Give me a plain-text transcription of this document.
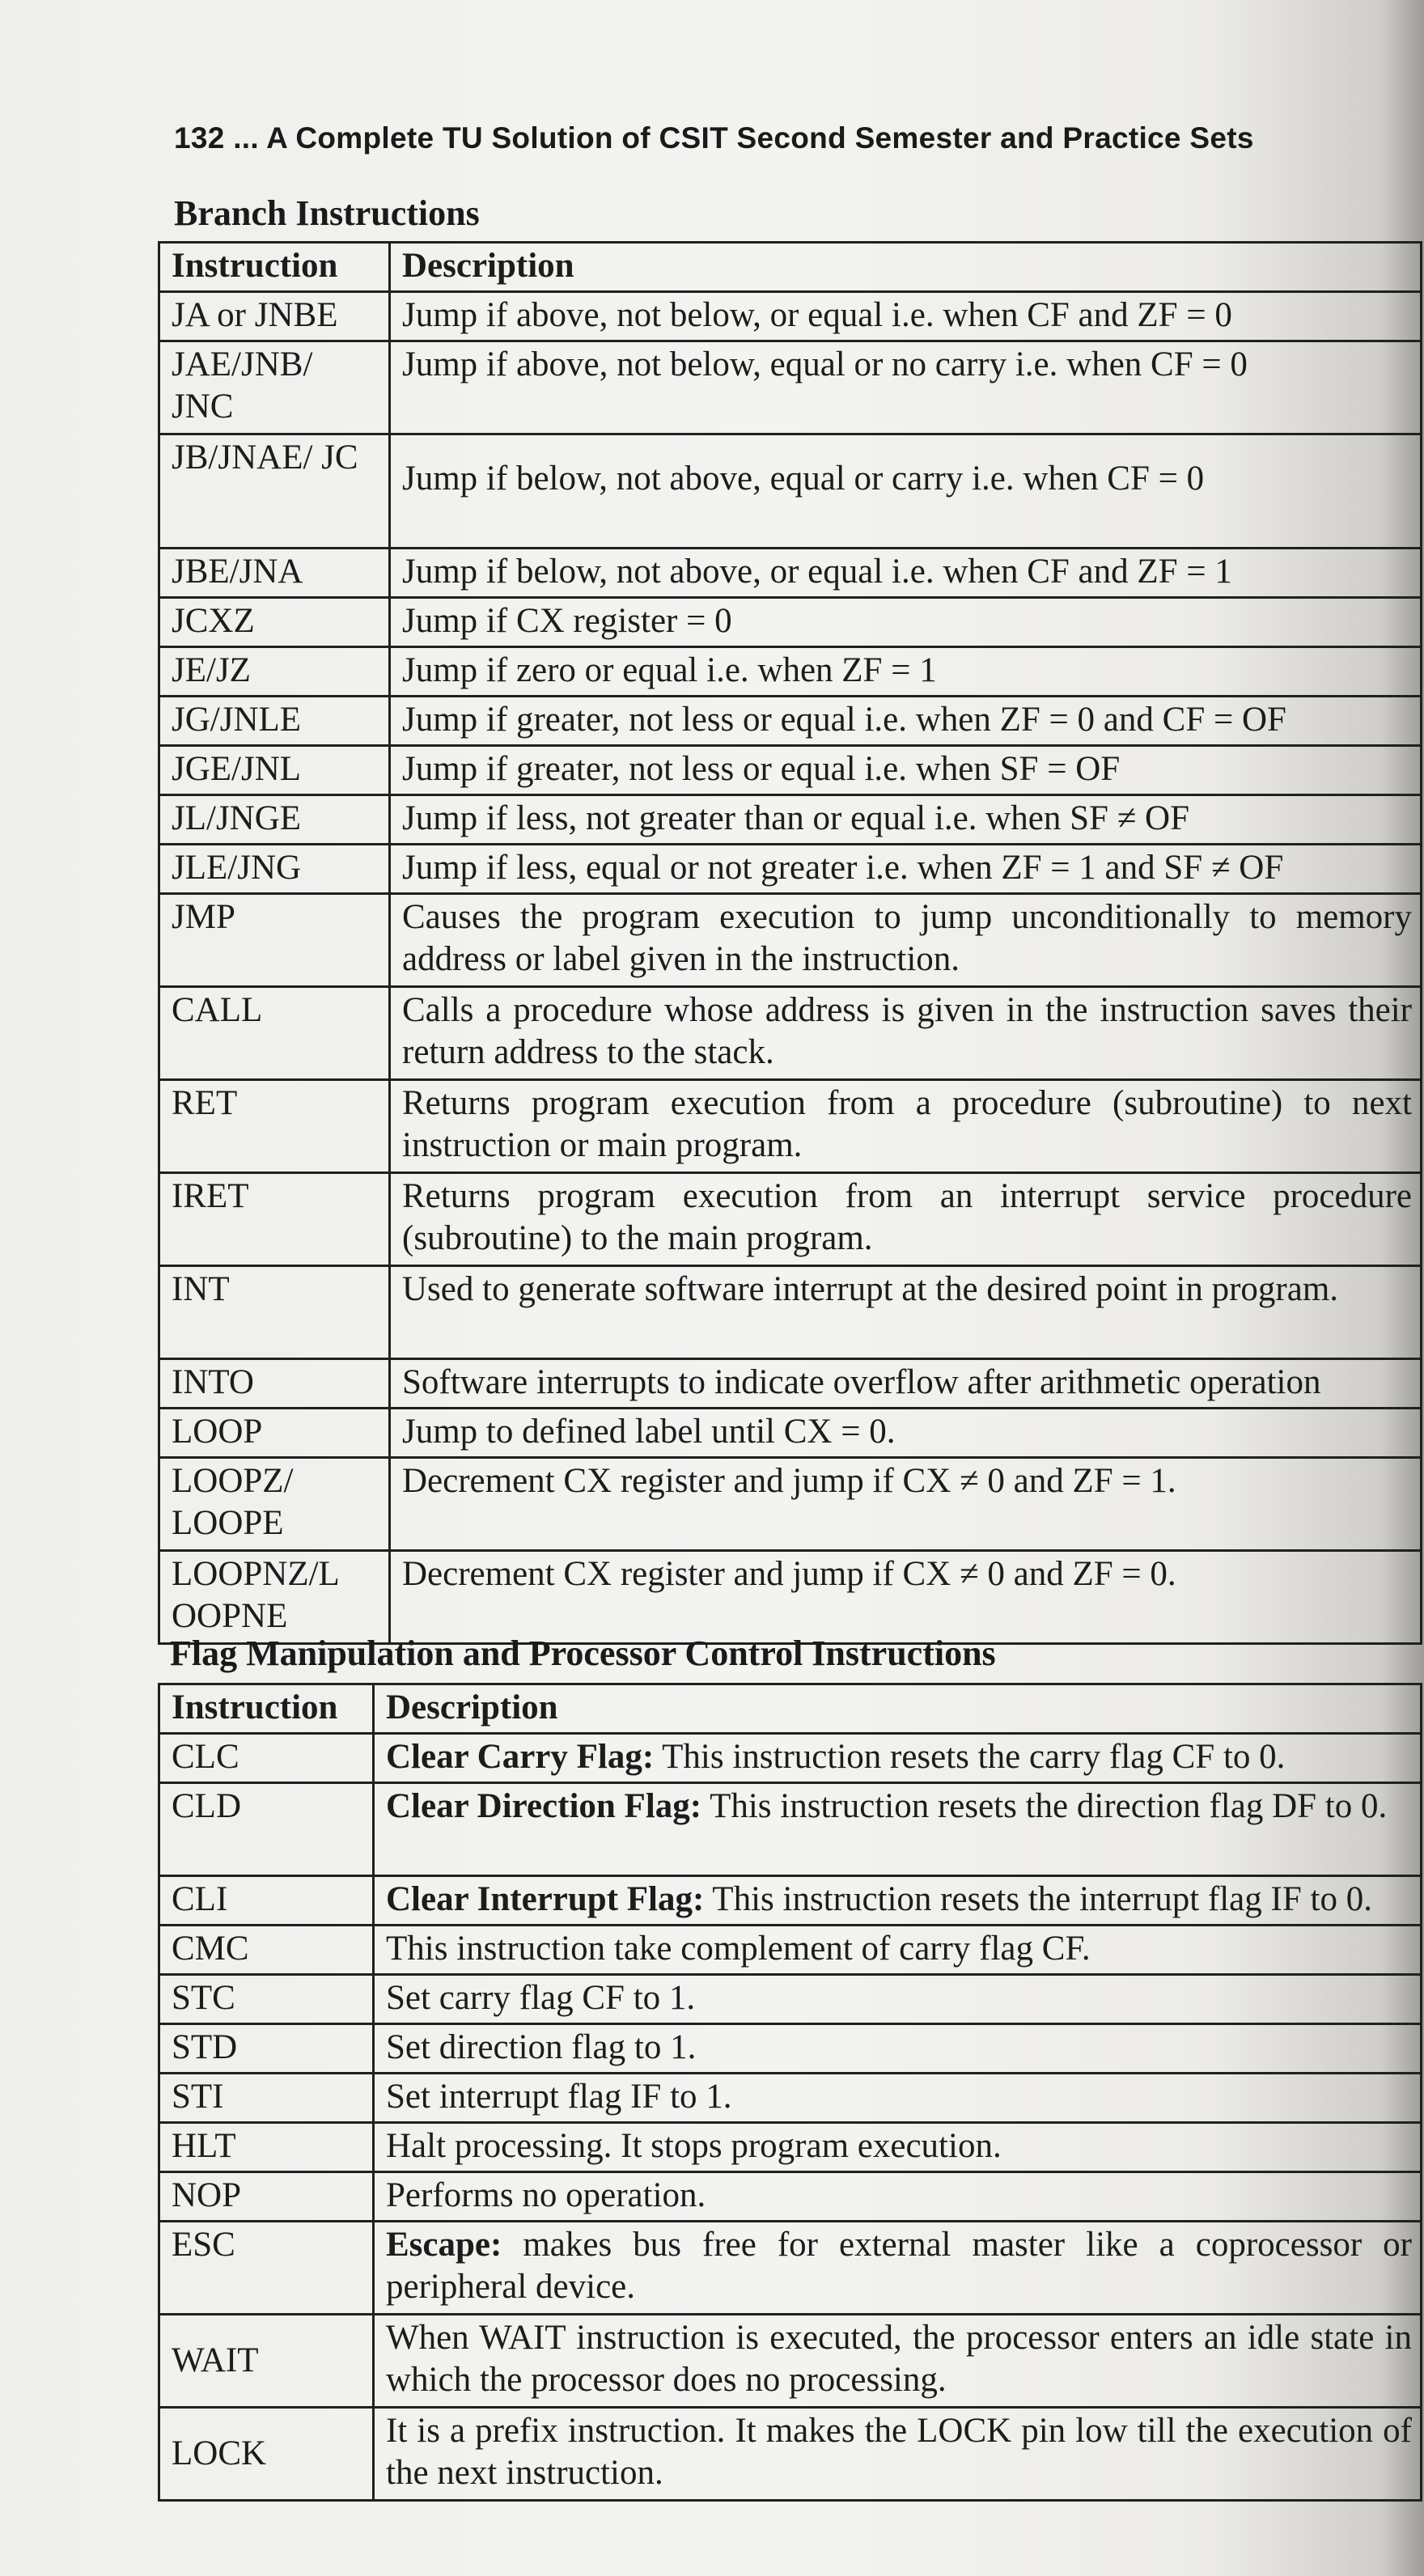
132 ... A Complete TU Solution of CSIT Second Semester and Practice Sets
Branch Instructions
Instruction	Description
JA or JNBE	Jump if above, not below, or equal i.e. when CF and ZF = 0
JAE/JNB/ JNC	Jump if above, not below, equal or no carry i.e. when CF = 0
JB/JNAE/ JC	Jump if below, not above, equal or carry i.e. when CF = 0
JBE/JNA	Jump if below, not above, or equal i.e. when CF and ZF = 1
JCXZ	Jump if CX register = 0
JE/JZ	Jump if zero or equal i.e. when ZF = 1
JG/JNLE	Jump if greater, not less or equal i.e. when ZF = 0 and CF = OF
JGE/JNL	Jump if greater, not less or equal i.e. when SF = OF
JL/JNGE	Jump if less, not greater than or equal i.e. when SF ≠ OF
JLE/JNG	Jump if less, equal or not greater i.e. when ZF = 1 and SF ≠ OF
JMP	Causes the program execution to jump unconditionally to memory address or label given in the instruction.
CALL	Calls a procedure whose address is given in the instruction saves their return address to the stack.
RET	Returns program execution from a procedure (subroutine) to next instruction or main program.
IRET	Returns program execution from an interrupt service procedure (subroutine) to the main program.
INT	Used to generate software interrupt at the desired point in program.
INTO	Software interrupts to indicate overflow after arithmetic operation
LOOP	Jump to defined label until CX = 0.
LOOPZ/ LOOPE	Decrement CX register and jump if CX ≠ 0 and ZF = 1.
LOOPNZ/L OOPNE	Decrement CX register and jump if CX ≠ 0 and ZF = 0.
Flag Manipulation and Processor Control Instructions
Instruction	Description
CLC	Clear Carry Flag: This instruction resets the carry flag CF to 0.
CLD	Clear Direction Flag: This instruction resets the direction flag DF to 0.
CLI	Clear Interrupt Flag: This instruction resets the interrupt flag IF to 0.
CMC	This instruction take complement of carry flag CF.
STC	Set carry flag CF to 1.
STD	Set direction flag to 1.
STI	Set interrupt flag IF to 1.
HLT	Halt processing. It stops program execution.
NOP	Performs no operation.
ESC	Escape: makes bus free for external master like a coprocessor or peripheral device.
WAIT	When WAIT instruction is executed, the processor enters an idle state in which the processor does no processing.
LOCK	It is a prefix instruction. It makes the LOCK pin low till the execution of the next instruction.
